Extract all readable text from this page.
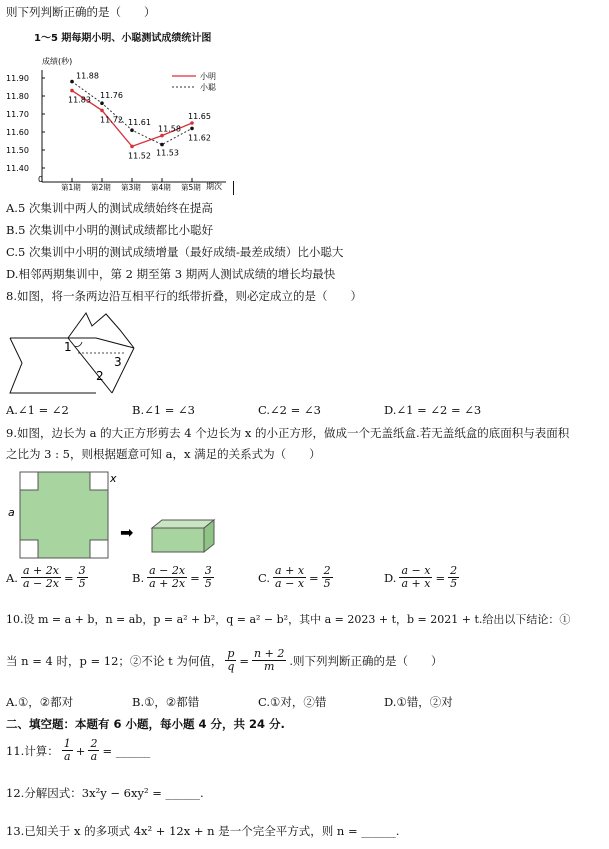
则下列判断正确的是（　　）
1～5 期每期小明、小聪测试成绩统计图
成绩(秒)
期次
0
11.90
11.80
11.70
11.60
11.50
11.40
第1期 第2期 第3期 第4期 第5期
11.83
11.72
11.52
11.58
11.65
11.88
11.76
11.61
11.53
11.62
小明
小聪
A.5 次集训中两人的测试成绩始终在提高
B.5 次集训中小明的测试成绩都比小聪好
C.5 次集训中小明的测试成绩增量（最好成绩-最差成绩）比小聪大
D.相邻两期集训中，第 2 期至第 3 期两人测试成绩的增长均最快
8.如图，将一条两边沿互相平行的纸带折叠，则必定成立的是（　　）
1
2
3
A.∠1 = ∠2	B.∠1 = ∠3	C.∠2 = ∠3	D.∠1 = ∠2 = ∠3
9.如图，边长为 a 的大正方形剪去 4 个边长为 x 的小正方形，做成一个无盖纸盒.若无盖纸盒的底面积与表面积
之比为 3 : 5，则根据题意可知 a，x 满足的关系式为（　　）
a
x
➡
A. $\frac{a + 2x}{a - 2x} = \frac{3}{5}$	B. $\frac{a - 2x}{a + 2x} = \frac{3}{5}$	C. $\frac{a + x}{a - x} = \frac{2}{5}$	D. $\frac{a - x}{a + x} = \frac{2}{5}$
10.设 m = a + b，n = ab，p = a² + b²，q = a² − b²，其中 a = 2023 + t，b = 2021 + t.给出以下结论：①
当 n = 4 时，p = 12；②不论 t 为何值， $\frac{p}{q} = \frac{n + 2}{m}$ .则下列判断正确的是（　　）
A.①，②都对	B.①，②都错	C.①对，②错	D.①错，②对
二、填空题：本题有 6 小题，每小题 4 分，共 24 分.
11.计算： $\frac{1}{a} + \frac{2}{a}$ = ______
12.分解因式：3x²y − 6xy² = ______.
13.已知关于 x 的多项式 4x² + 12x + n 是一个完全平方式，则 n = ______.
